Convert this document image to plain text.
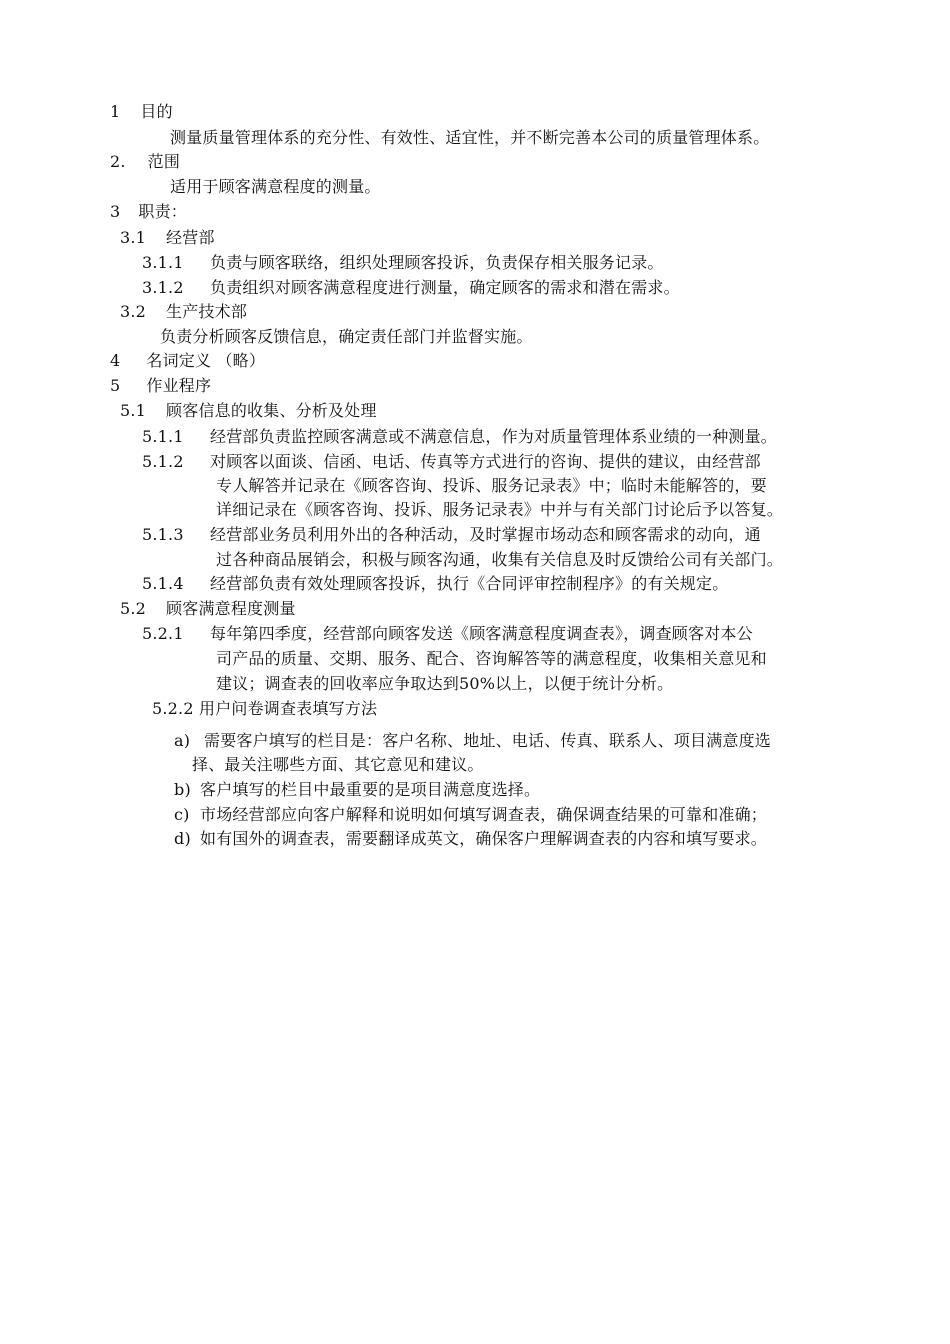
1 目的
测量质量管理体系的充分性、有效性、适宜性，并不断完善本公司的质量管理体系。
2. 范围
适用于顾客满意程度的测量。
3 职责：
3.1 经营部
3.1.1 负责与顾客联络，组织处理顾客投诉，负责保存相关服务记录。
3.1.2 负责组织对顾客满意程度进行测量，确定顾客的需求和潜在需求。
3.2 生产技术部
负责分析顾客反馈信息，确定责任部门并监督实施。
4 名词定义 （略）
5 作业程序
5.1 顾客信息的收集、分析及处理
5.1.1 经营部负责监控顾客满意或不满意信息，作为对质量管理体系业绩的一种测量。
5.1.2 对顾客以面谈、信函、电话、传真等方式进行的咨询、提供的建议，由经营部
专人解答并记录在《顾客咨询、投诉、服务记录表》中；临时未能解答的，要
详细记录在《顾客咨询、投诉、服务记录表》中并与有关部门讨论后予以答复。
5.1.3 经营部业务员利用外出的各种活动，及时掌握市场动态和顾客需求的动向，通
过各种商品展销会，积极与顾客沟通，收集有关信息及时反馈给公司有关部门。
5.1.4 经营部负责有效处理顾客投诉，执行《合同评审控制程序》的有关规定。
5.2 顾客满意程度测量
5.2.1 每年第四季度，经营部向顾客发送《顾客满意程度调查表》，调查顾客对本公
司产品的质量、交期、服务、配合、咨询解答等的满意程度，收集相关意见和
建议；调查表的回收率应争取达到50%以上，以便于统计分析。
5.2.2 用户问卷调查表填写方法
a) 需要客户填写的栏目是：客户名称、地址、电话、传真、联系人、项目满意度选
择、最关注哪些方面、其它意见和建议。
b) 客户填写的栏目中最重要的是项目满意度选择。
c) 市场经营部应向客户解释和说明如何填写调查表，确保调查结果的可靠和准确；
d) 如有国外的调查表，需要翻译成英文，确保客户理解调查表的内容和填写要求。
